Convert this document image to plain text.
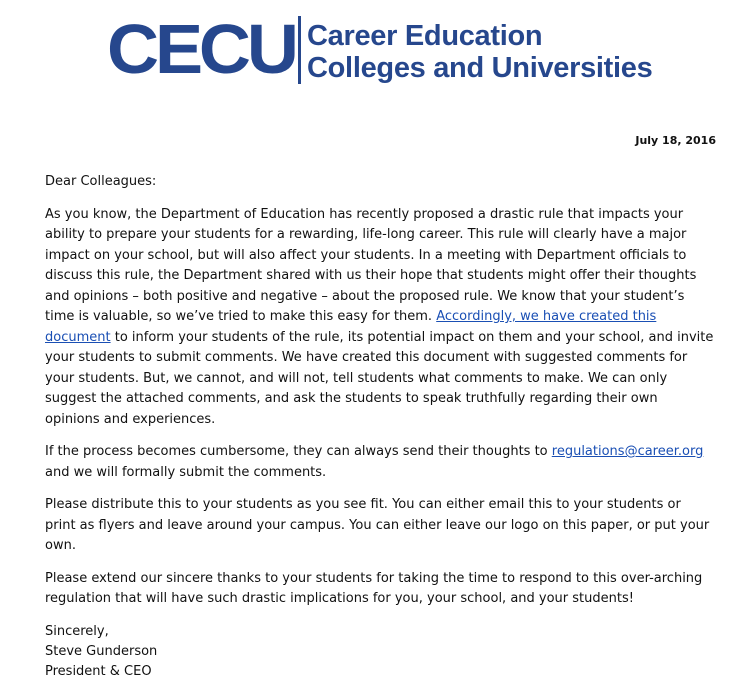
CECU Career Education
Colleges and Universities
July 18, 2016

Dear Colleagues:

As you know, the Department of Education has recently proposed a drastic rule that impacts your ability to prepare your students for a rewarding, life-long career. This rule will clearly have a major impact on your school, but will also affect your students. In a meeting with Department officials to discuss this rule, the Department shared with us their hope that students might offer their thoughts and opinions – both positive and negative – about the proposed rule. We know that your student’s time is valuable, so we’ve tried to make this easy for them. Accordingly, we have created this document to inform your students of the rule, its potential impact on them and your school, and invite your students to submit comments. We have created this document with suggested comments for your students. But, we cannot, and will not, tell students what comments to make. We can only suggest the attached comments, and ask the students to speak truthfully regarding their own opinions and experiences.

If the process becomes cumbersome, they can always send their thoughts to regulations@career.org and we will formally submit the comments.

Please distribute this to your students as you see fit. You can either email this to your students or print as flyers and leave around your campus. You can either leave our logo on this paper, or put your own.

Please extend our sincere thanks to your students for taking the time to respond to this over-arching regulation that will have such drastic implications for you, your school, and your students!

Sincerely,
Steve Gunderson
President & CEO
